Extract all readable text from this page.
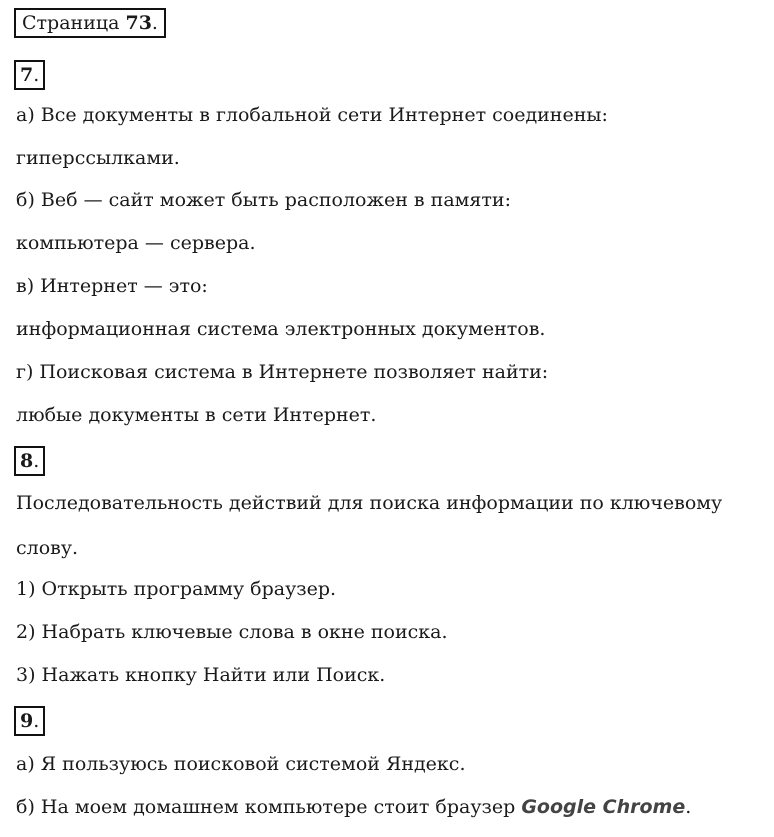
Страница 73.
7.
а) Все документы в глобальной сети Интернет соединены:
гиперссылками.
б) Веб — сайт может быть расположен в памяти:
компьютера — сервера.
в) Интернет — это:
информационная система электронных документов.
г) Поисковая система в Интернете позволяет найти:
любые документы в сети Интернет.
8.
Последовательность действий для поиска информации по ключевому
слову.
1) Открыть программу браузер.
2) Набрать ключевые слова в окне поиска.
3) Нажать кнопку Найти или Поиск.
9.
а) Я пользуюсь поисковой системой Яндекс.
б) На моем домашнем компьютере стоит браузер Google Chrome.
